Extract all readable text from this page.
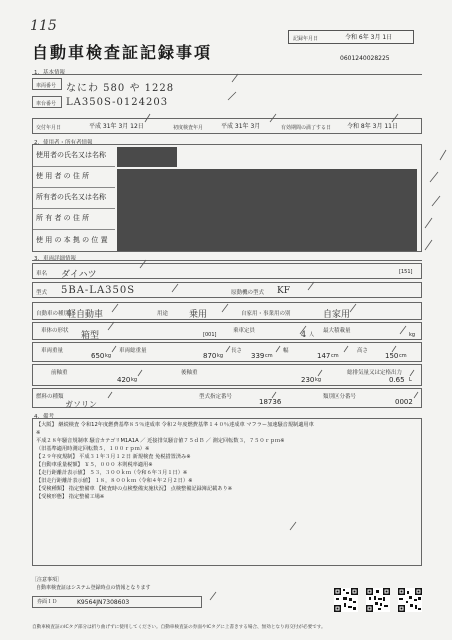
115
自動車検査証記録事項
記録年月日	令和 6年 3月 1日
0601240028225
1．基本情報
車両番号 なにわ 580 や 1228
車台番号 LA350S-0124203
交付年月日	平成 31年 3月 12日	初度検査年月	平成 31年 3月	有効期間の満了する日	令和 8年 3月 11日
2．使用者・所有者情報
使用者の氏名又は名称
使 用 者 の 住 所
所有者の氏名又は名称
所 有 者 の 住 所
使 用 の 本 拠 の 位 置
3．車両詳細情報
車名 ダイハツ	[151]
型式 5BA-LA350S	原動機の型式 KF
自動車の種別
軽自動車	用途 乗用	自家用・事業用の別	自家用
車体の形状 箱型	[001]
乗車定員	4 人
最大積載量
kg
車両重量
650 kg
車両総重量
870 kg
長さ
339 cm
幅
147 cm
高さ
150 cm
前軸重
420 kg
後軸重
230 kg
総排気量又は定格出力
0.65 L
燃料の種類
ガソリン
型式指定番号
18736
類別区分番号
0002
4．備考
【大阪】 継続検査 令和12年度燃費基準８５％達成車 令和２年度燃費基準１４０％達成車 マフラー加速騒音規制適用車
※
平成２８年騒音規制車 騒音カテゴリM1A1A ／ 近接排気騒音値７５ｄＢ ／ 測定回転数３，７５０ｒｐｍ※
（旧基準適用時測定回転数５，１００ｒｐｍ）※
【２９年度規制】 平成３１年３月１２日 新規検査 免税措置済み※
【自動車重量税額】 ￥５，０００ 本則税率適用※
【走行距離計表示値】 ５３，３００ｋｍ（令和６年３月１日）※
【旧走行距離計表示値】 １８，８００ｋｍ（令和４年２月２日）※
【受検種類】 指定整備車 【検査時の点検整備実施状況】 点検整備記録簿記載あり※
【受検形態】 指定整備工場※
［注意事項］
自動車検査証はシステム登録時点の情報となります
券面ＩＤ	K9564JN7308603
自動車検査証のICタグ部分は折り曲げずに使用してください。自動車検査証の券面やICタグに上書きする場合、無効となり再交付が必要です。
